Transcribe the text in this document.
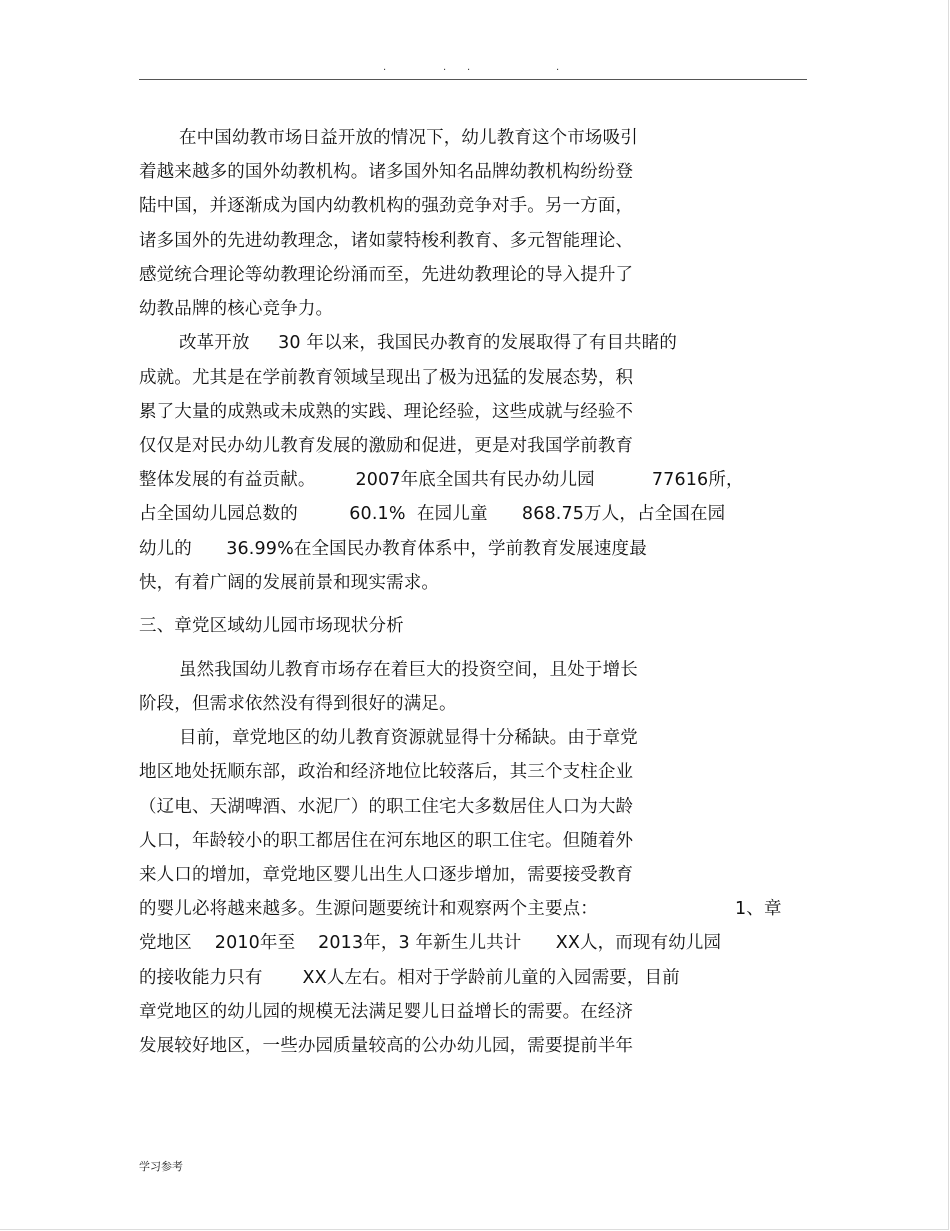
.	. .	.
在中国幼教市场日益开放的情况下，幼儿教育这个市场吸引
着越来越多的国外幼教机构。诸多国外知名品牌幼教机构纷纷登
陆中国，并逐渐成为国内幼教机构的强劲竞争对手。另一方面，
诸多国外的先进幼教理念，诸如蒙特梭利教育、多元智能理论、
感觉统合理论等幼教理论纷涌而至，先进幼教理论的导入提升了
幼教品牌的核心竞争力。
改革开放     30 年以来，我国民办教育的发展取得了有目共睹的
成就。尤其是在学前教育领域呈现出了极为迅猛的发展态势，积
累了大量的成熟或未成熟的实践、理论经验，这些成就与经验不
仅仅是对民办幼儿教育发展的激励和促进，更是对我国学前教育
整体发展的有益贡献。       2007年底全国共有民办幼儿园          77616所，
占全国幼儿园总数的         60.1%  在园儿童      868.75万人，占全国在园
幼儿的      36.99%在全国民办教育体系中，学前教育发展速度最
快，有着广阔的发展前景和现实需求。
三、章党区域幼儿园市场现状分析
虽然我国幼儿教育市场存在着巨大的投资空间，且处于增长
阶段，但需求依然没有得到很好的满足。
目前，章党地区的幼儿教育资源就显得十分稀缺。由于章党
地区地处抚顺东部，政治和经济地位比较落后，其三个支柱企业
（辽电、天湖啤酒、水泥厂）的职工住宅大多数居住人口为大龄
人口，年龄较小的职工都居住在河东地区的职工住宅。但随着外
来人口的增加，章党地区婴儿出生人口逐步增加，需要接受教育
的婴儿必将越来越多。生源问题要统计和观察两个主要点：                        1、章
党地区    2010年至    2013年，3 年新生儿共计      XX人，而现有幼儿园
的接收能力只有       XX人左右。相对于学龄前儿童的入园需要，目前
章党地区的幼儿园的规模无法满足婴儿日益增长的需要。在经济
发展较好地区，一些办园质量较高的公办幼儿园，需要提前半年
学习参考
